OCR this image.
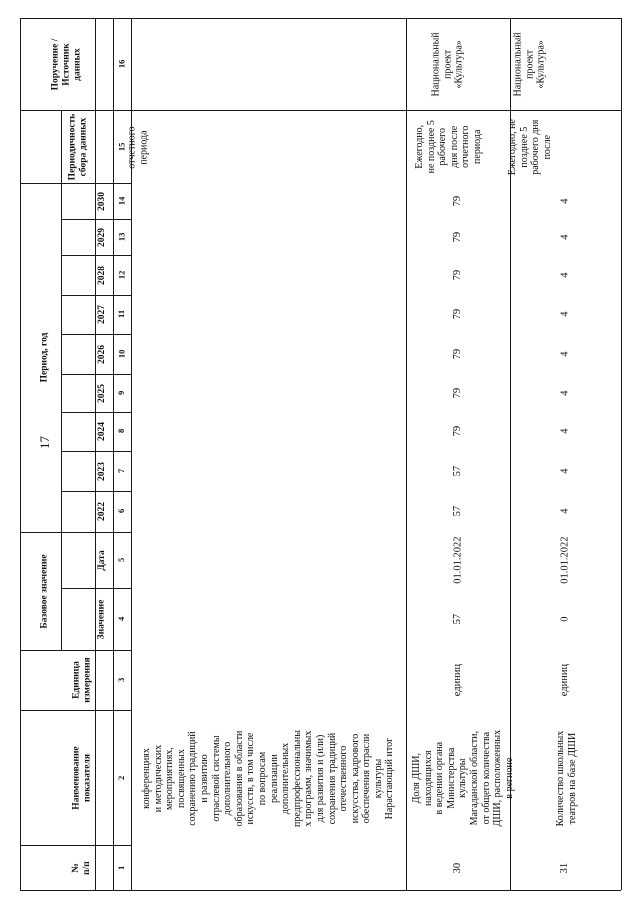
17
№
п/п
Наименование
показателя
Единица
измерения
Базовое значение	Значение
Дата
Период, год
2022
2023
2024
2025
2026
2027
2028
2029
2030
Периодичность
сбора данных
Поручение /
Источник
данных
1
2
3
4
5
6
7
8
9
10
11
12
13
14
15
16
конференциях
и методических
мероприятиях,
посвященных
сохранению традиций
и развитию
отраслевой системы
дополнительного
образования в области
искусств, в том числе
по вопросам
реализации
дополнительных
предпрофессиональны
х программ, значимых
для развития и (или)
сохранения традиций
отечественного
искусства, кадрового
обеспечения отрасли
культуры
Нарастающий итог
отчетного
периода
30
Доля ДШИ,
находящихся
в ведении органа
Министерства
культуры
Магаданской области,
от общего количества
ДШИ, расположенных
в регионе
единиц
57
01.01.2022
57
57
79
79
79
79
79
79
79
Ежегодно,
не позднее 5
рабочего
дня после
отчетного
периода
Национальный
проект
«Культура»
31
Количество школьных
театров на базе ДШИ
единиц
0
01.01.2022
4
4
4
4
4
4
4
4
4
Ежегодно, не
позднее 5
рабочего дня
после
Национальный
проект
«Культура»
